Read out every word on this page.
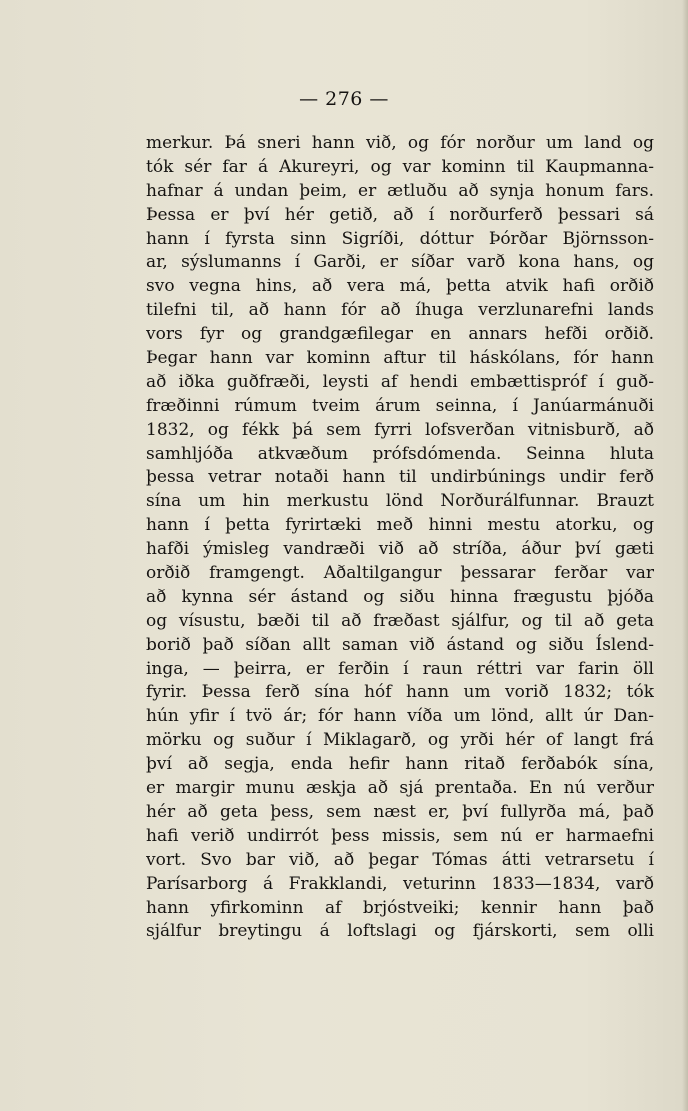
— 276 —
merkur. Þá sneri hann við, og fór norður um land og
tók sér far á Akureyri, og var kominn til Kaupmanna-
hafnar á undan þeim, er ætluðu að synja honum fars.
Þessa er því hér getið, að í norðurferð þessari sá
hann í fyrsta sinn Sigríði, dóttur Þórðar Björnsson-
ar, sýslumanns í Garði, er síðar varð kona hans, og
svo vegna hins, að vera má, þetta atvik hafi orðið
tilefni til, að hann fór að íhuga verzlunarefni lands
vors fyr og grandgæfilegar en annars hefði orðið.
Þegar hann var kominn aftur til háskólans, fór hann
að iðka guðfræði, leysti af hendi embættispróf í guð-
fræðinni rúmum tveim árum seinna, í Janúarmánuði
1832, og fékk þá sem fyrri lofsverðan vitnisburð, að
samhljóða atkvæðum prófsdómenda. Seinna hluta
þessa vetrar notaði hann til undirbúnings undir ferð
sína um hin merkustu lönd Norðurálfunnar. Brauzt
hann í þetta fyrirtæki með hinni mestu atorku, og
hafði ýmisleg vandræði við að stríða, áður því gæti
orðið framgengt. Aðaltilgangur þessarar ferðar var
að kynna sér ástand og siðu hinna frægustu þjóða
og vísustu, bæði til að fræðast sjálfur, og til að geta
borið það síðan allt saman við ástand og siðu Íslend-
inga, — þeirra, er ferðin í raun réttri var farin öll
fyrir. Þessa ferð sína hóf hann um vorið 1832; tók
hún yfir í tvö ár; fór hann víða um lönd, allt úr Dan-
mörku og suður í Miklagarð, og yrði hér of langt frá
því að segja, enda hefir hann ritað ferðabók sína,
er margir munu æskja að sjá prentaða. En nú verður
hér að geta þess, sem næst er, því fullyrða má, það
hafi verið undirrót þess missis, sem nú er harmaefni
vort. Svo bar við, að þegar Tómas átti vetrarsetu í
Parísarborg á Frakklandi, veturinn 1833—1834, varð
hann yfirkominn af brjóstveiki; kennir hann það
sjálfur breytingu á loftslagi og fjárskorti, sem olli
